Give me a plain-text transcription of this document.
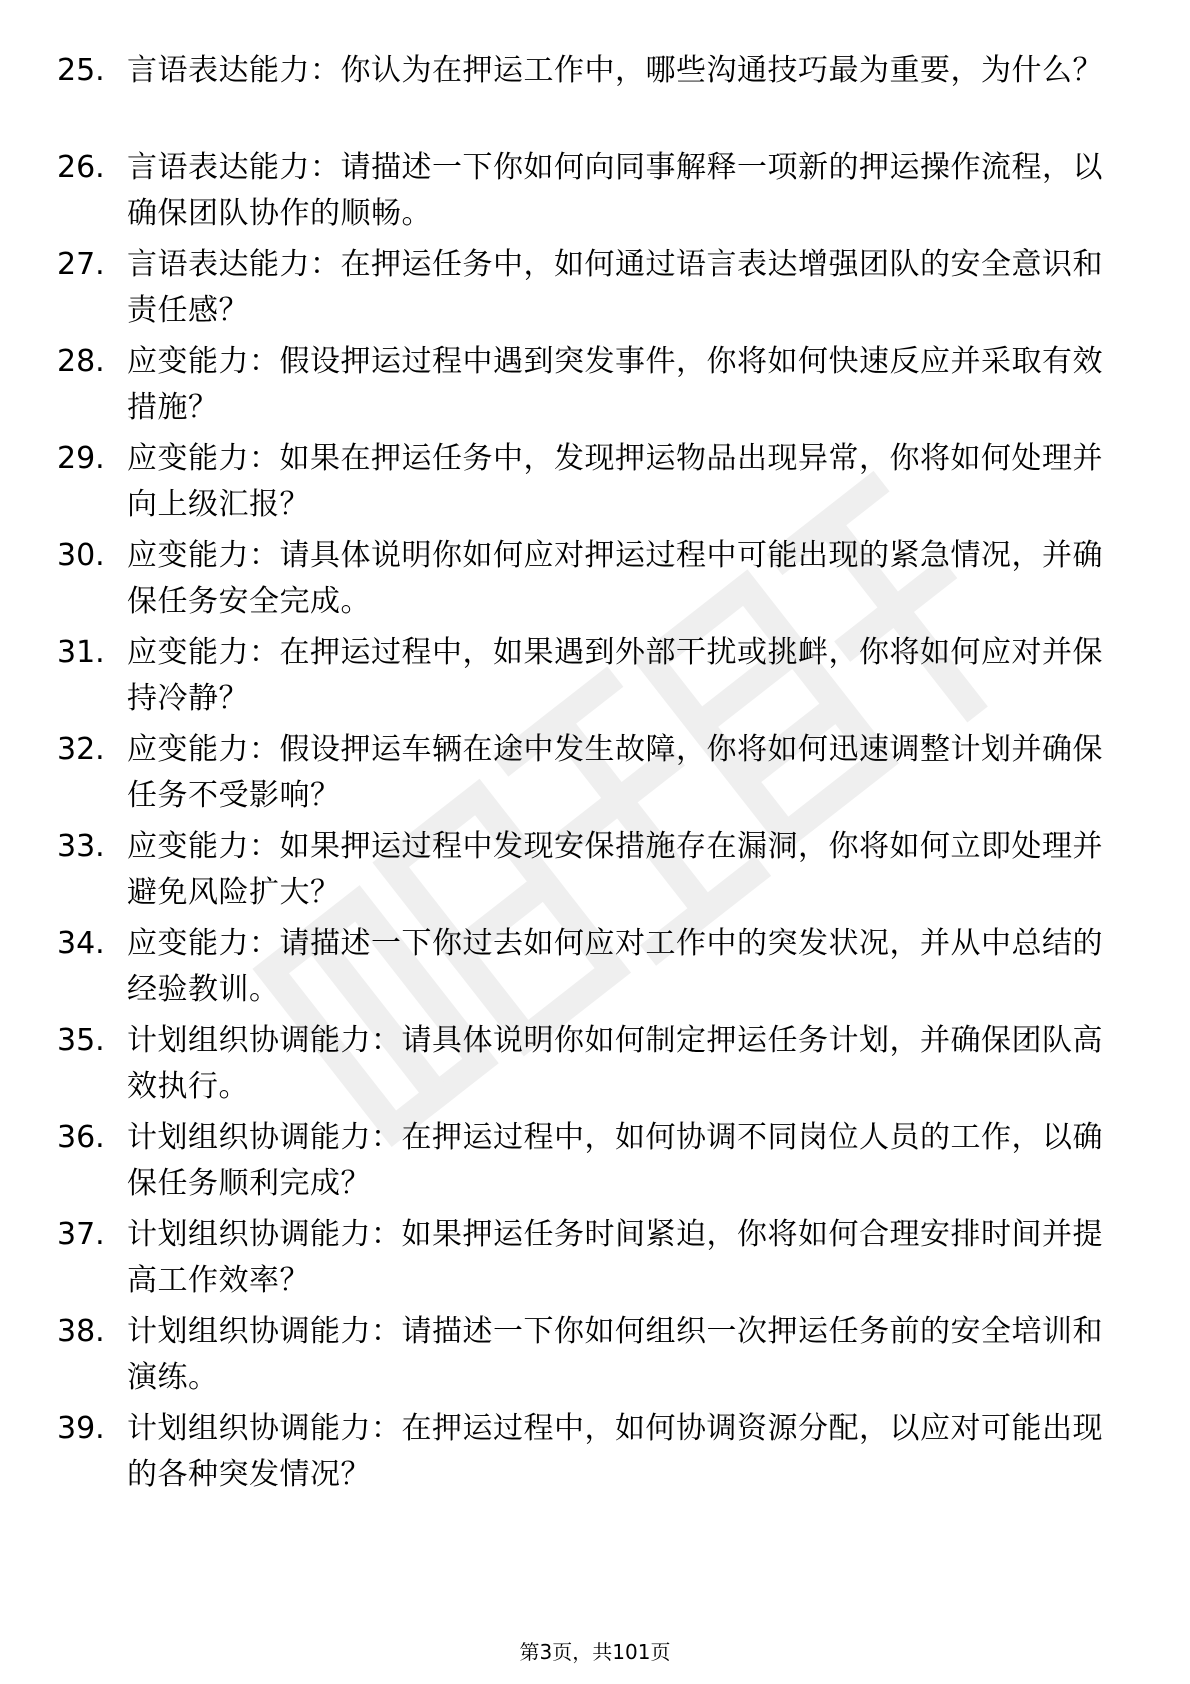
25. 言语表达能力：你认为在押运工作中，哪些沟通技巧最为重要，为什么？
26. 言语表达能力：请描述一下你如何向同事解释一项新的押运操作流程，以确保团队协作的顺畅。
27. 言语表达能力：在押运任务中，如何通过语言表达增强团队的安全意识和责任感？
28. 应变能力：假设押运过程中遇到突发事件，你将如何快速反应并采取有效措施？
29. 应变能力：如果在押运任务中，发现押运物品出现异常，你将如何处理并向上级汇报？
30. 应变能力：请具体说明你如何应对押运过程中可能出现的紧急情况，并确保任务安全完成。
31. 应变能力：在押运过程中，如果遇到外部干扰或挑衅，你将如何应对并保持冷静？
32. 应变能力：假设押运车辆在途中发生故障，你将如何迅速调整计划并确保任务不受影响？
33. 应变能力：如果押运过程中发现安保措施存在漏洞，你将如何立即处理并避免风险扩大？
34. 应变能力：请描述一下你过去如何应对工作中的突发状况，并从中总结的经验教训。
35. 计划组织协调能力：请具体说明你如何制定押运任务计划，并确保团队高效执行。
36. 计划组织协调能力：在押运过程中，如何协调不同岗位人员的工作，以确保任务顺利完成？
37. 计划组织协调能力：如果押运任务时间紧迫，你将如何合理安排时间并提高工作效率？
38. 计划组织协调能力：请描述一下你如何组织一次押运任务前的安全培训和演练。
39. 计划组织协调能力：在押运过程中，如何协调资源分配，以应对可能出现的各种突发情况？
第3页，共101页
